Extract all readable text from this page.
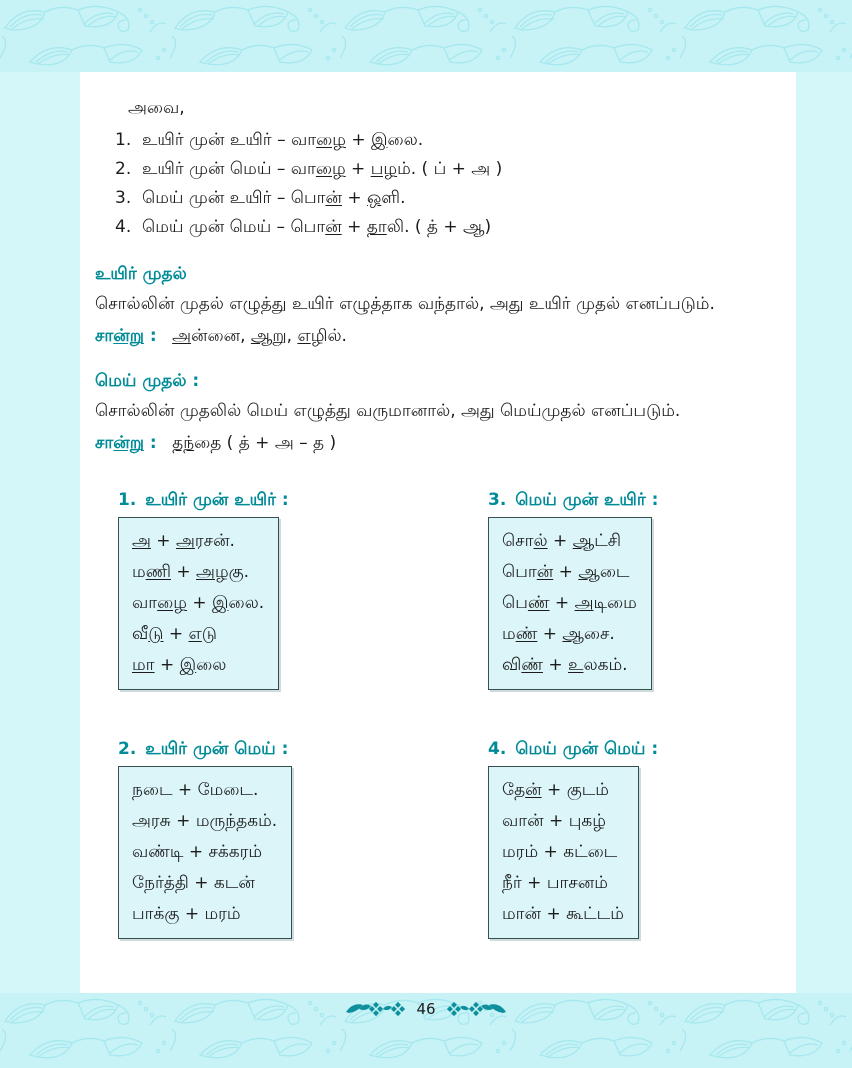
46
அவை,
1. உயிர் முன் உயிர் – வாழை + இலை.
2. உயிர் முன் மெய் – வாழை + பழம். ( ப் + அ )
3. மெய் முன் உயிர் – பொன் + ஒளி.
4. மெய் முன் மெய் – பொன் + தாலி. ( த் + ஆ)
உயிர் முதல்
சொல்லின் முதல் எழுத்து உயிர் எழுத்தாக வந்தால், அது உயிர் முதல் எனப்படும்.
சான்று : அன்னை, ஆறு, எழில்.
மெய் முதல் :
சொல்லின் முதலில் மெய் எழுத்து வருமானால், அது மெய்முதல் எனப்படும்.
சான்று : தந்தை ( த் + அ – த )
1. உயிர் முன் உயிர் :
அ + அரசன்.
மணி + அழகு.
வாழை + இலை.
வீடு + எடு
மா + இலை
3. மெய் முன் உயிர் :
சொல் + ஆட்சி
பொன் + ஆடை
பெண் + அடிமை
மண் + ஆசை.
விண் + உலகம்.
2. உயிர் முன் மெய் :
நடை + மேடை.
அரசு + மருந்தகம்.
வண்டி + சக்கரம்
நேர்த்தி + கடன்
பாக்கு + மரம்
4. மெய் முன் மெய் :
தேன் + குடம்
வான் + புகழ்
மரம் + கட்டை
நீர் + பாசனம்
மான் + கூட்டம்
